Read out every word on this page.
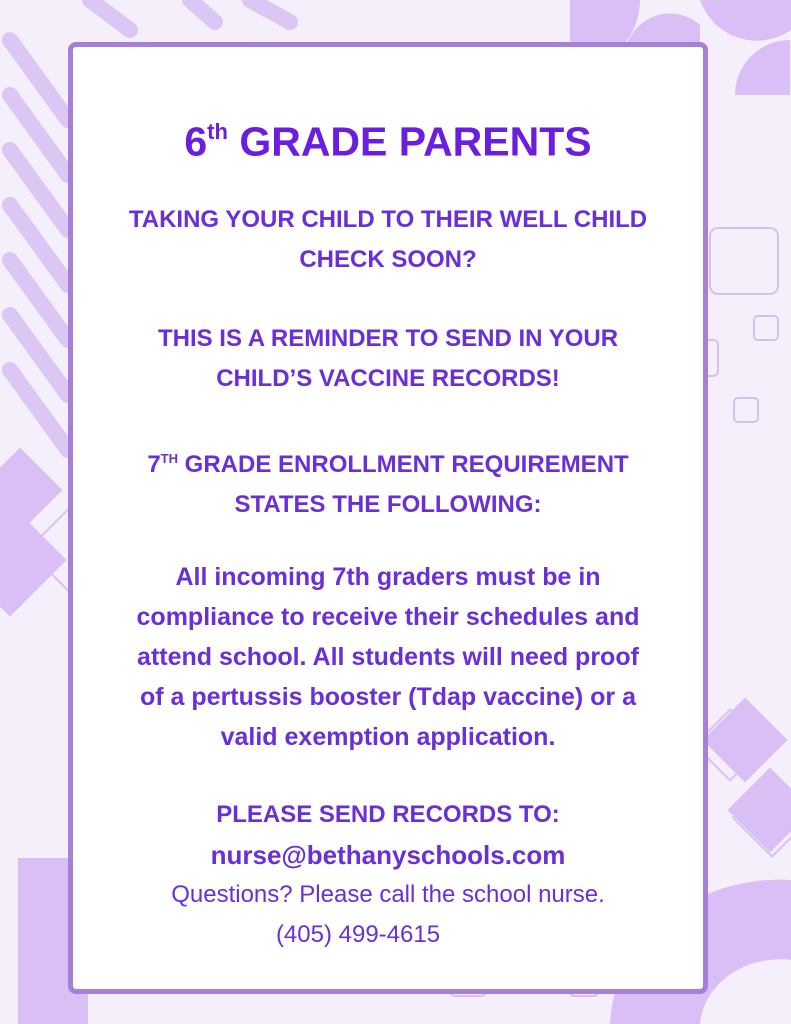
6th GRADE PARENTS
TAKING YOUR CHILD TO THEIR WELL CHILD
CHECK SOON?
THIS IS A REMINDER TO SEND IN YOUR
CHILD’S VACCINE RECORDS!
7TH GRADE ENROLLMENT REQUIREMENT
STATES THE FOLLOWING:
All incoming 7th graders must be in
compliance to receive their schedules and
attend school. All students will need proof
of a pertussis booster (Tdap vaccine) or a
valid exemption application.
PLEASE SEND RECORDS TO:
nurse@bethanyschools.com
Questions? Please call the school nurse.
(405) 499-4615
